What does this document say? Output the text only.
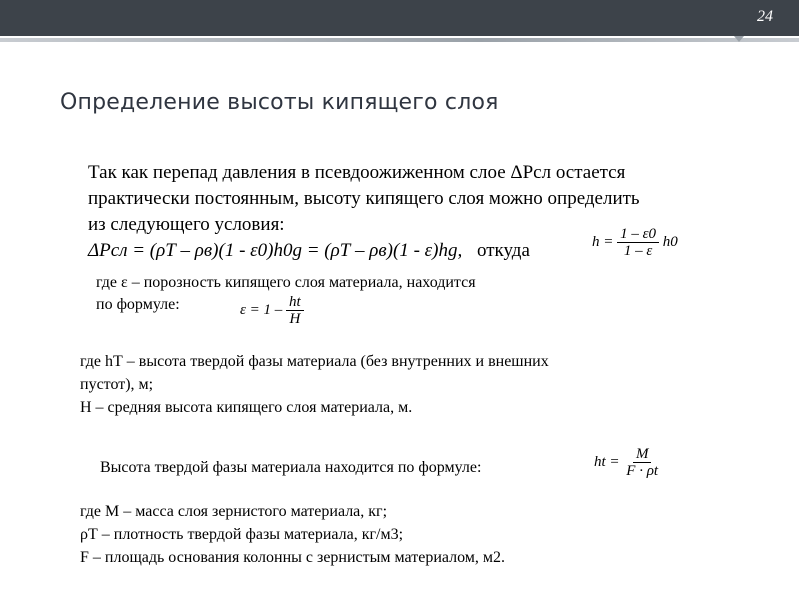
24
Определение высоты кипящего слоя

Так как перепад давления в псевдоожиженном слое ΔPсл остается

практически постоянным, высоту кипящего слоя можно определить

из следующего условия:

ΔPсл = (ρТ – ρв)(1 - ε0)h0g = (ρТ – ρв)(1 - ε)hg, откуда	$h = \frac{1 - \varepsilon 0}{1 - \varepsilon} h0$
где ε – порозность кипящего слоя материала, находится
по формуле:	$\varepsilon = 1 - \frac{ht}{H}$
где hТ – высота твердой фазы материала (без внутренних и внешних
пустот), м;
H – средняя высота кипящего слоя материала, м.
Высота твердой фазы материала находится по формуле:	ht = $\frac{M}{F \cdot \rho t}$
где M – масса слоя зернистого материала, кг;
ρТ – плотность твердой фазы материала, кг/м3;
F – площадь основания колонны с зернистым материалом, м2.
